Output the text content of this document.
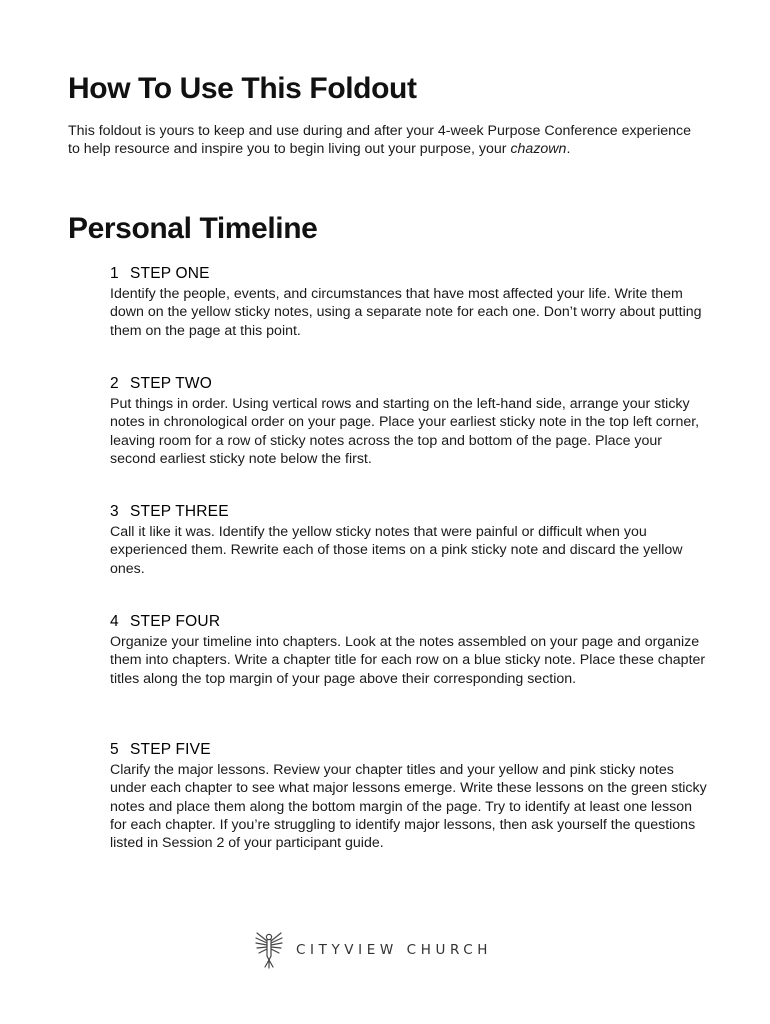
How To Use This Foldout

This foldout is yours to keep and use during and after your 4-week Purpose Conference experience to help resource and inspire you to begin living out your purpose, your chazown.

Personal Timeline
1 STEP ONE

Identify the people, events, and circumstances that have most affected your life. Write them down on the yellow sticky notes, using a separate note for each one. Don’t worry about putting them on the page at this point.

2 STEP TWO

Put things in order. Using vertical rows and starting on the left-hand side, arrange your sticky notes in chronological order on your page. Place your earliest sticky note in the top left corner, leaving room for a row of sticky notes across the top and bottom of the page. Place your second earliest sticky note below the first.

3 STEP THREE

Call it like it was. Identify the yellow sticky notes that were painful or difficult when you experienced them. Rewrite each of those items on a pink sticky note and discard the yellow ones.

4 STEP FOUR

Organize your timeline into chapters. Look at the notes assembled on your page and organize them into chapters. Write a chapter title for each row on a blue sticky note. Place these chapter titles along the top margin of your page above their corresponding section.

5 STEP FIVE

Clarify the major lessons. Review your chapter titles and your yellow and pink sticky notes under each chapter to see what major lessons emerge. Write these lessons on the green sticky notes and place them along the bottom margin of the page. Try to identify at least one lesson for each chapter. If you’re struggling to identify major lessons, then ask yourself the questions listed in Session 2 of your participant guide.

CITYVIEW CHURCH
